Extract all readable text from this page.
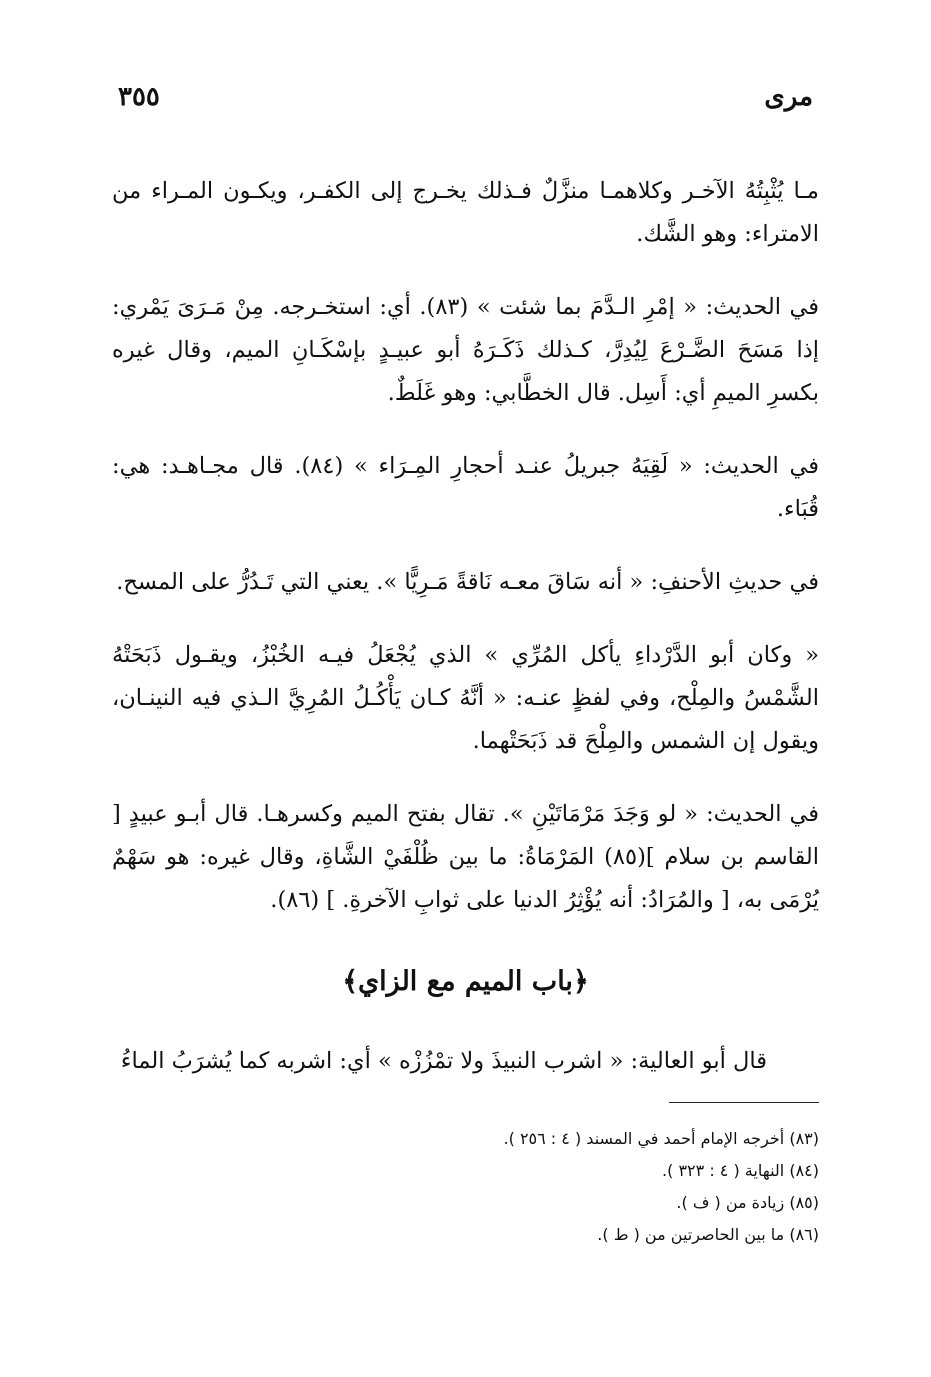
مرى
٣٥٥

مـا يُثْبِتُهُ الآخـر وكلاهمـا منزَّلٌ فـذلك يخـرج إلى الكفـر، ويكـون المـراء من الامتراء: وهو الشَّك.

في الحديث: « إمْرِ الـدَّمَ بما شئت » (٨٣). أي: استخـرجه. مِنْ مَـرَىَ يَمْري: إذا مَسَحَ الضَّـرْعَ لِيُدِرَّ، كـذلك ذَكَـرَهُ أبو عبيـدٍ بإسْكَـانِ الميم، وقال غيره بكسرِ الميمِ أي: أَسِل. قال الخطَّابي: وهو غَلَطٌ.

في الحديث: « لَقِيَهُ جبريلُ عنـد أحجارِ المِـرَاء » (٨٤). قال مجـاهـد: هي: قُبَاء.

في حديثِ الأحنفِ: « أنه سَاقَ معـه نَاقةً مَـرِيًّا ». يعني التي تَـدُرُّ على المسح.

« وكان أبو الدَّرْداءِ يأكل المُرِّي » الذي يُجْعَلُ فيـه الخُبْزُ، ويقـول ذَبَحَتْهُ الشَّمْسُ والمِلْح، وفي لفظٍ عنـه: « أنَّهُ كـان يَأْكُـلُ المُرِيَّ الـذي فيه النينـان، ويقول إن الشمس والمِلْحَ قد ذَبَحَتْهما.

في الحديث: « لو وَجَدَ مَرْمَاتَيْنِ ». تقال بفتح الميم وكسرهـا. قال أبـو عبيدٍ [ القاسم بن سلام ](٨٥) المَرْمَاةُ: ما بين ظُلْفَيْ الشَّاةِ، وقال غيره: هو سَهْمٌ يُرْمَى به، [ والمُرَادُ: أنه يُؤْثِرُ الدنيا على ثوابِ الآخرةِ. ] (٨٦).

﴿باب الميم مع الزاي﴾

قال أبو العالية: « اشرب النبيذَ ولا تمْزُزْه » أي: اشربه كما يُشرَبُ الماءُ

(٨٣) أخرجه الإمام أحمد في المسند ( ٤ : ٢٥٦ ).

(٨٤) النهاية ( ٤ : ٣٢٣ ).

(٨٥) زيادة من ( ف ).

(٨٦) ما بين الحاصرتين من ( ط ).
